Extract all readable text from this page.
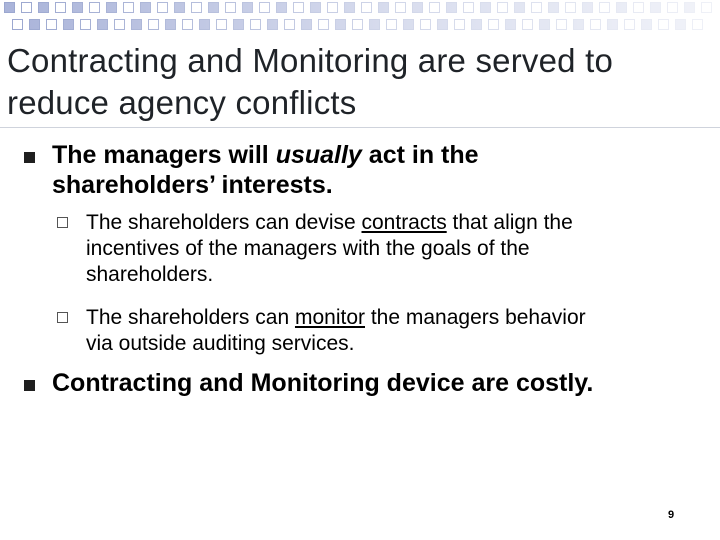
Contracting and Monitoring are served to
reduce agency conflicts
The managers will usually act in the
shareholders’ interests.
The shareholders can devise contracts that align the
incentives of the managers with the goals of the
shareholders.
The shareholders can monitor the managers behavior
via outside auditing services.
Contracting and Monitoring device are costly.
9
